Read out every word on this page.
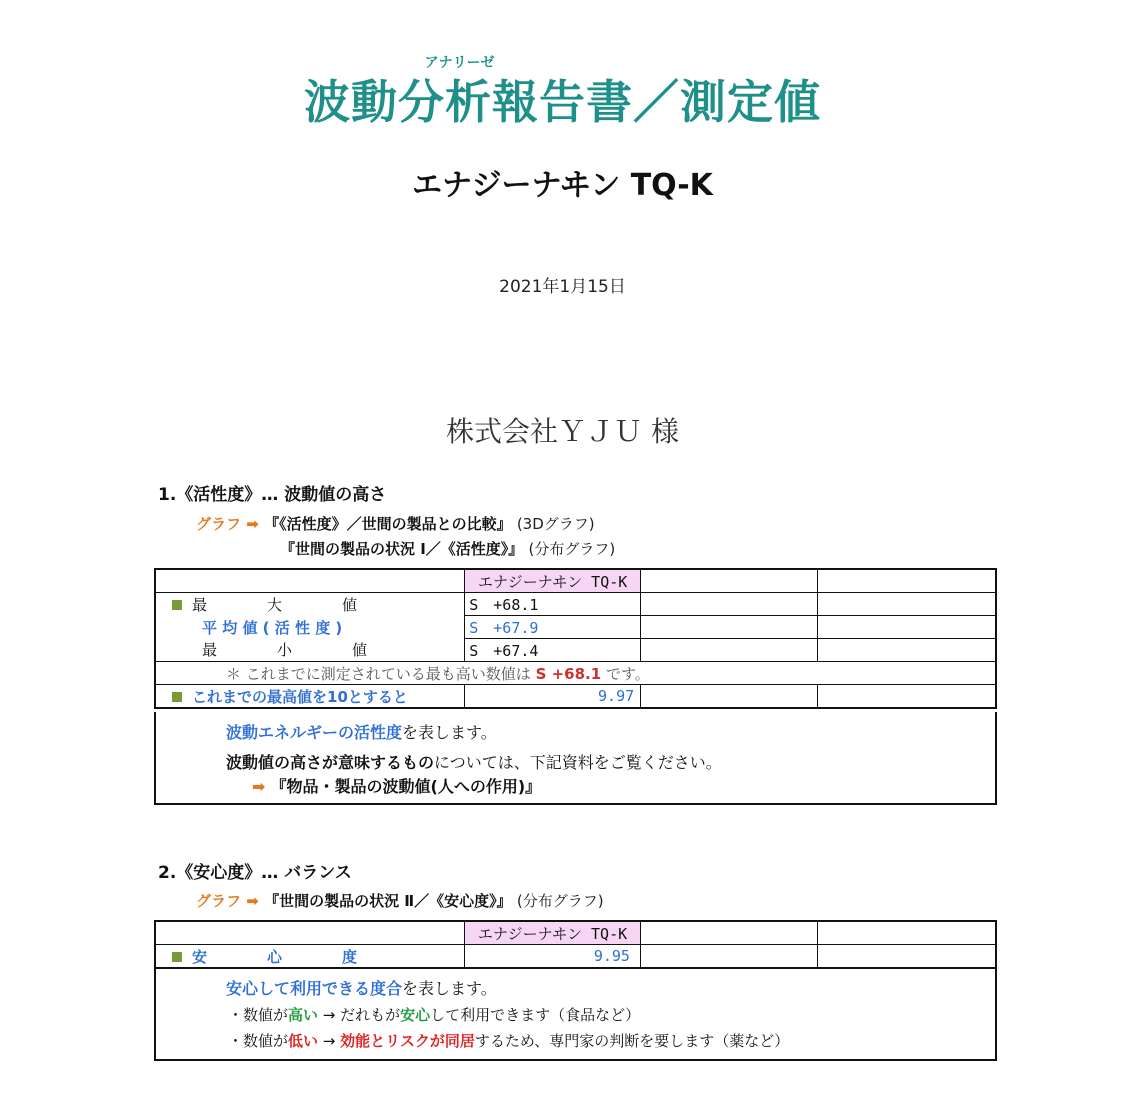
アナリーゼ
波動分析報告書／測定値
エナジーナヰン TQ-K
2021年1月15日
株式会社ＹＪＵ 様
1.《活性度》… 波動値の高さ
グラフ ➡ 『《活性度》／世間の製品との比較』 (3Dグラフ)
『世間の製品の状況 Ⅰ／《活性度》』 (分布グラフ)
	エナジーナヰン TQ-K		
最　　　　大　　　　値	S　+68.1		
平 均 値 ( 活 性 度 )	S　+67.9		
最　　　　小　　　　値	S　+67.4		
＊ これまでに測定されている最も高い数値は S +68.1 です。			
これまでの最高値を10とすると	9.97		
波動エネルギーの活性度を表します。
波動値の高さが意味するものについては、下記資料をご覧ください。
➡ 『物品・製品の波動値(人への作用)』
2.《安心度》… バランス
グラフ ➡ 『世間の製品の状況 Ⅱ／《安心度》』 (分布グラフ)
	エナジーナヰン TQ-K		
安　　　　心　　　　度	9.95		
安心して利用できる度合を表します。
・数値が高い → だれもが安心して利用できます（食品など）
・数値が低い → 効能とリスクが同居するため、専門家の判断を要します（薬など）
